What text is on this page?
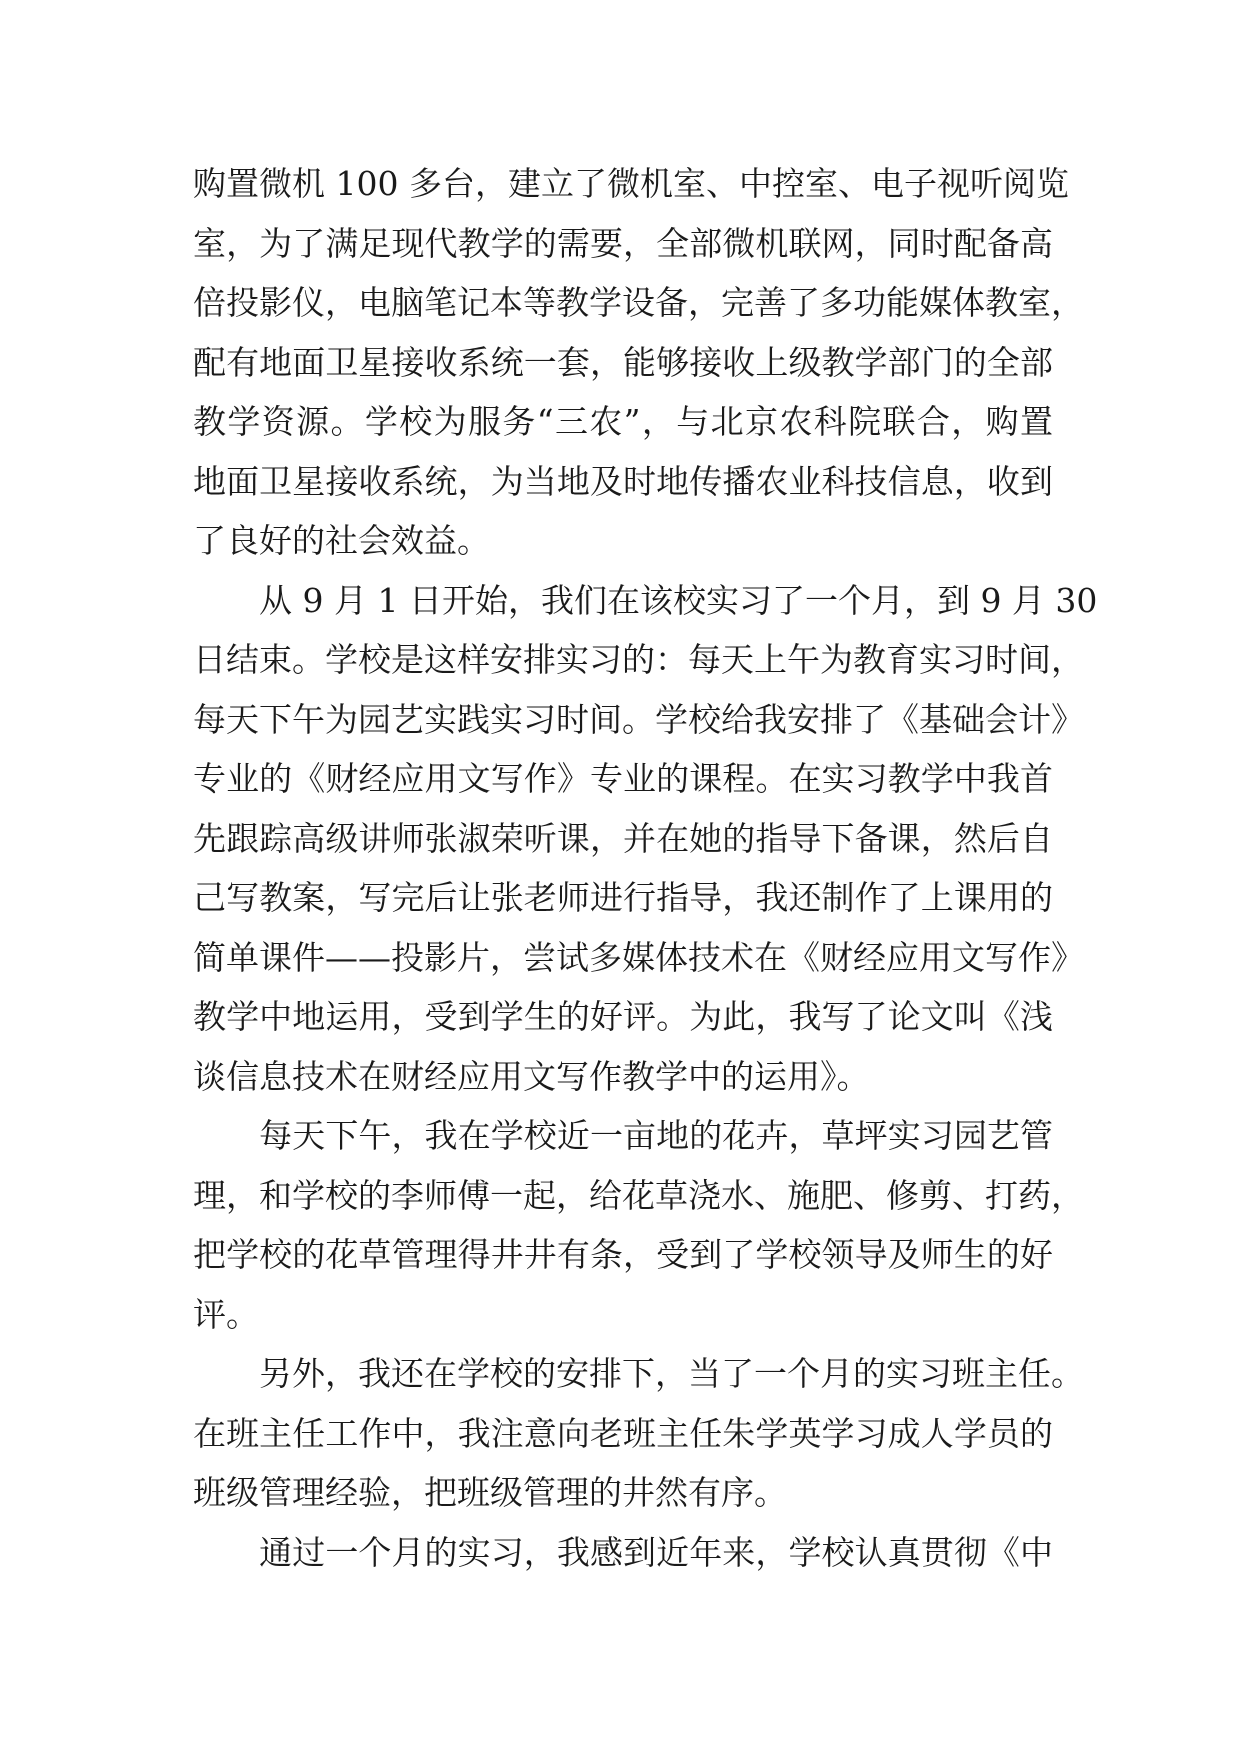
购置微机 100 多台，建立了微机室、中控室、电子视听阅览
室，为了满足现代教学的需要，全部微机联网，同时配备高
倍投影仪，电脑笔记本等教学设备，完善了多功能媒体教室，
配有地面卫星接收系统一套，能够接收上级教学部门的全部
教学资源。学校为服务“三农”，与北京农科院联合，购置
地面卫星接收系统，为当地及时地传播农业科技信息，收到
了良好的社会效益。
　　从 9 月 1 日开始，我们在该校实习了一个月，到 9 月 30
日结束。学校是这样安排实习的：每天上午为教育实习时间，
每天下午为园艺实践实习时间。学校给我安排了《基础会计》
专业的《财经应用文写作》专业的课程。在实习教学中我首
先跟踪高级讲师张淑荣听课，并在她的指导下备课，然后自
己写教案，写完后让张老师进行指导，我还制作了上课用的
简单课件——投影片，尝试多媒体技术在《财经应用文写作》
教学中地运用，受到学生的好评。为此，我写了论文叫《浅
谈信息技术在财经应用文写作教学中的运用》。
　　每天下午，我在学校近一亩地的花卉，草坪实习园艺管
理，和学校的李师傅一起，给花草浇水、施肥、修剪、打药，
把学校的花草管理得井井有条，受到了学校领导及师生的好
评。
　　另外，我还在学校的安排下，当了一个月的实习班主任。
在班主任工作中，我注意向老班主任朱学英学习成人学员的
班级管理经验，把班级管理的井然有序。
　　通过一个月的实习，我感到近年来，学校认真贯彻《中
